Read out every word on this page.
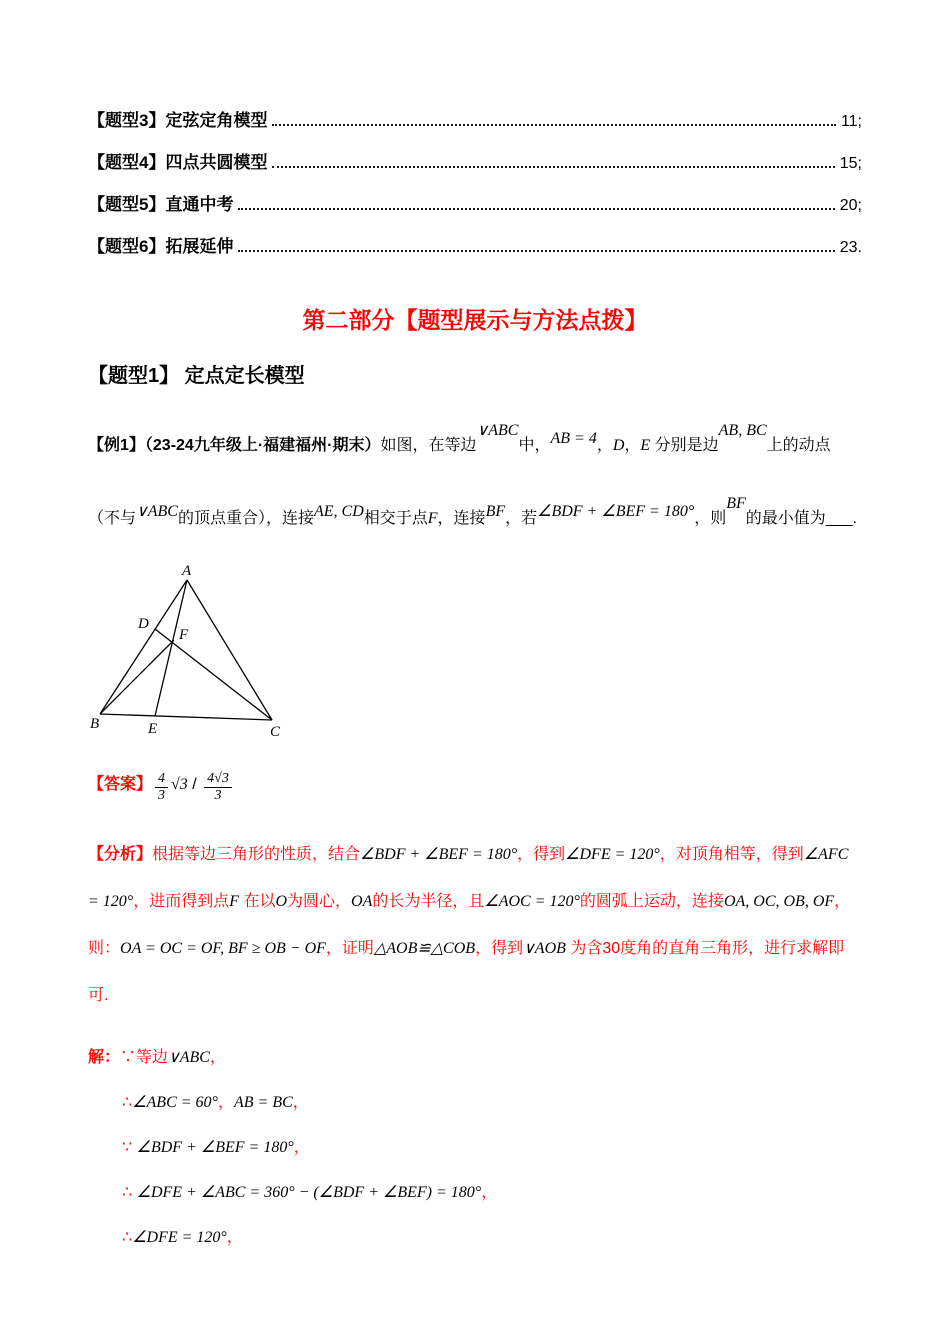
【题型3】定弦定角模型	11;
【题型4】四点共圆模型	15;
【题型5】直通中考	20;
【题型6】拓展延伸	23.
第二部分【题型展示与方法点拨】
【题型1】 定点定长模型

【例1】（23-24九年级上·福建福州·期末）如图，在等边∨ABC中，AB = 4，D，E 分别是边AB, BC上的动点（不与∨ABC的顶点重合），连接AE, CD相交于点F，连接BF，若∠BDF + ∠BEF = 180°，则BF的最小值为___.

A
B	C
D
E
F

【答案】 $\frac{4}{3} √3 / \frac{4√3}{3}$

【分析】根据等边三角形的性质，结合∠BDF + ∠BEF = 180°，得到∠DFE = 120°，对顶角相等，得到∠AFC = 120°，进而得到点F 在以O为圆心，OA的长为半径，且∠AOC = 120°的圆弧上运动，连接OA, OC, OB, OF，则：OA = OC = OF, BF ≥ OB − OF，证明△AOB≌△COB，得到∨AOB 为含30度角的直角三角形，进行求解即可.

解：∵等边∨ABC，

∴∠ABC = 60°，AB = BC，

∵ ∠BDF + ∠BEF = 180°，

∴ ∠DFE + ∠ABC = 360° − (∠BDF + ∠BEF) = 180°，

∴∠DFE = 120°，
